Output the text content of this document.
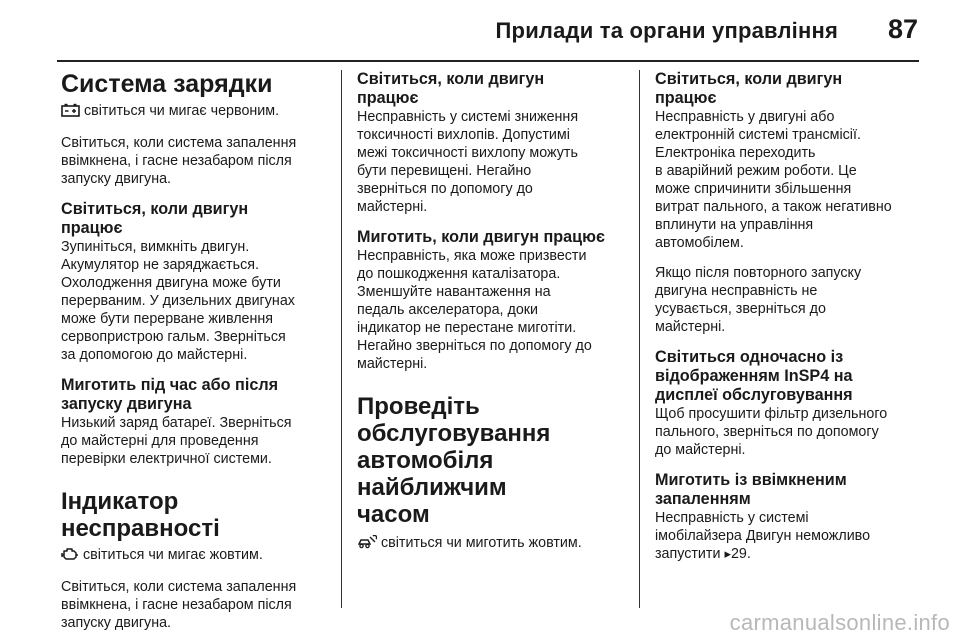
Прилади та органи управління 87
Система зарядки
світиться чи мигає червоним.
Світиться, коли система запалення
ввімкнена, і гасне незабаром після
запуску двигуна.
Світиться, коли двигун
працює
Зупиніться, вимкніть двигун.
Акумулятор не заряджається.
Охолодження двигуна може бути
перерваним. У дизельних двигунах
може бути перерване живлення
сервопристрою гальм. Зверніться
за допомогою до майстерні.
Миготить під час або після
запуску двигуна
Низький заряд батареї. Зверніться
до майстерні для проведення
перевірки електричної системи.
Індикатор несправності
світиться чи мигає жовтим.
Світиться, коли система запалення
ввімкнена, і гасне незабаром після
запуску двигуна.
Світиться, коли двигун
працює
Несправність у системі зниження
токсичності вихлопів. Допустимі
межі токсичності вихлопу можуть
бути перевищені. Негайно
зверніться по допомогу до
майстерні.
Миготить, коли двигун працює
Несправність, яка може призвести
до пошкодження каталізатора.
Зменшуйте навантаження на
педаль акселератора, доки
індикатор не перестане миготіти.
Негайно зверніться по допомогу до
майстерні.
Проведіть
обслуговування
автомобіля найближчим
часом
світиться чи миготить жовтим.
Світиться, коли двигун
працює
Несправність у двигуні або
електронній системі трансмісії.
Електроніка переходить
в аварійний режим роботи. Це
може спричинити збільшення
витрат пального, а також негативно
вплинути на управління
автомобілем.
Якщо після повторного запуску
двигуна несправність не
усувається, зверніться до
майстерні.
Світиться одночасно із
відображенням InSP4 на
дисплеї обслуговування
Щоб просушити фільтр дизельного
пального, зверніться по допомогу
до майстерні.
Миготить із ввімкненим
запаленням
Несправність у системі
імобілайзера Двигун неможливо
запустити ▸29.
carmanualsonline.info
